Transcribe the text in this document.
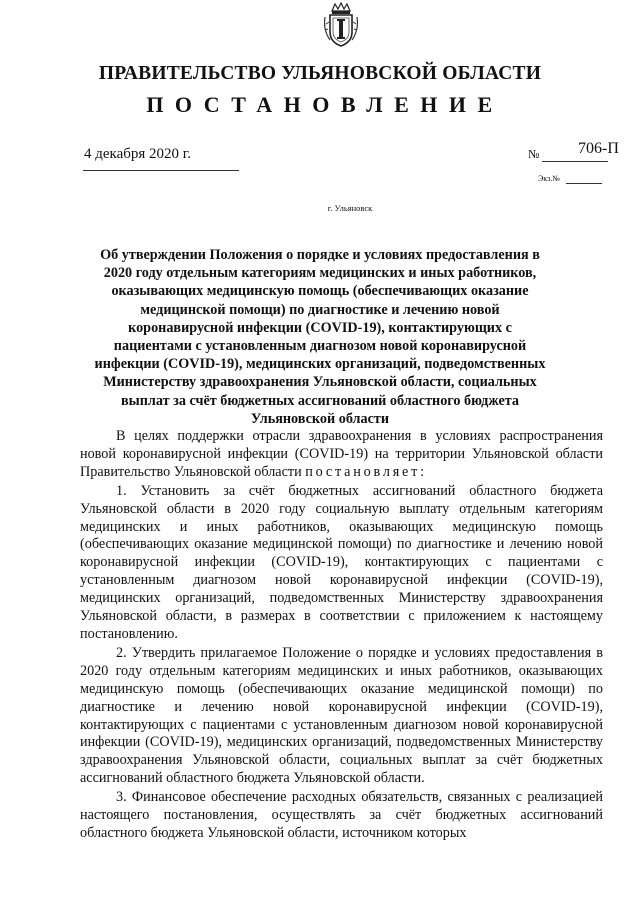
ПРАВИТЕЛЬСТВО УЛЬЯНОВСКОЙ ОБЛАСТИ
ПОСТАНОВЛЕНИЕ
4 декабря 2020 г.	№ 706-П
Экз.№
г. Ульяновск
Об утверждении Положения о порядке и условиях предоставления в 2020 году отдельным категориям медицинских и иных работников, оказывающих медицинскую помощь (обеспечивающих оказание медицинской помощи) по диагностике и лечению новой коронавирусной инфекции (COVID-19), контактирующих с пациентами с установленным диагнозом новой коронавирусной инфекции (COVID-19), медицинских организаций, подведомственных Министерству здравоохранения Ульяновской области, социальных выплат за счёт бюджетных ассигнований областного бюджета Ульяновской области

В целях поддержки отрасли здравоохранения в условиях распространения новой коронавирусной инфекции (COVID-19) на территории Ульяновской области Правительство Ульяновской области постановляет:

1. Установить за счёт бюджетных ассигнований областного бюджета Ульяновской области в 2020 году социальную выплату отдельным категориям медицинских и иных работников, оказывающих медицинскую помощь (обеспечивающих оказание медицинской помощи) по диагностике и лечению новой коронавирусной инфекции (COVID-19), контактирующих с пациентами с установленным диагнозом новой коронавирусной инфекции (COVID-19), медицинских организаций, подведомственных Министерству здравоохранения Ульяновской области, в размерах в соответствии с приложением к настоящему постановлению.

2. Утвердить прилагаемое Положение о порядке и условиях предоставления в 2020 году отдельным категориям медицинских и иных работников, оказывающих медицинскую помощь (обеспечивающих оказание медицинской помощи) по диагностике и лечению новой коронавирусной инфекции (COVID-19), контактирующих с пациентами с установленным диагнозом новой коронавирусной инфекции (COVID-19), медицинских организаций, подведомственных Министерству здравоохранения Ульяновской области, социальных выплат за счёт бюджетных ассигнований областного бюджета Ульяновской области.

3. Финансовое обеспечение расходных обязательств, связанных с реализацией настоящего постановления, осуществлять за счёт бюджетных ассигнований областного бюджета Ульяновской области, источником которых
